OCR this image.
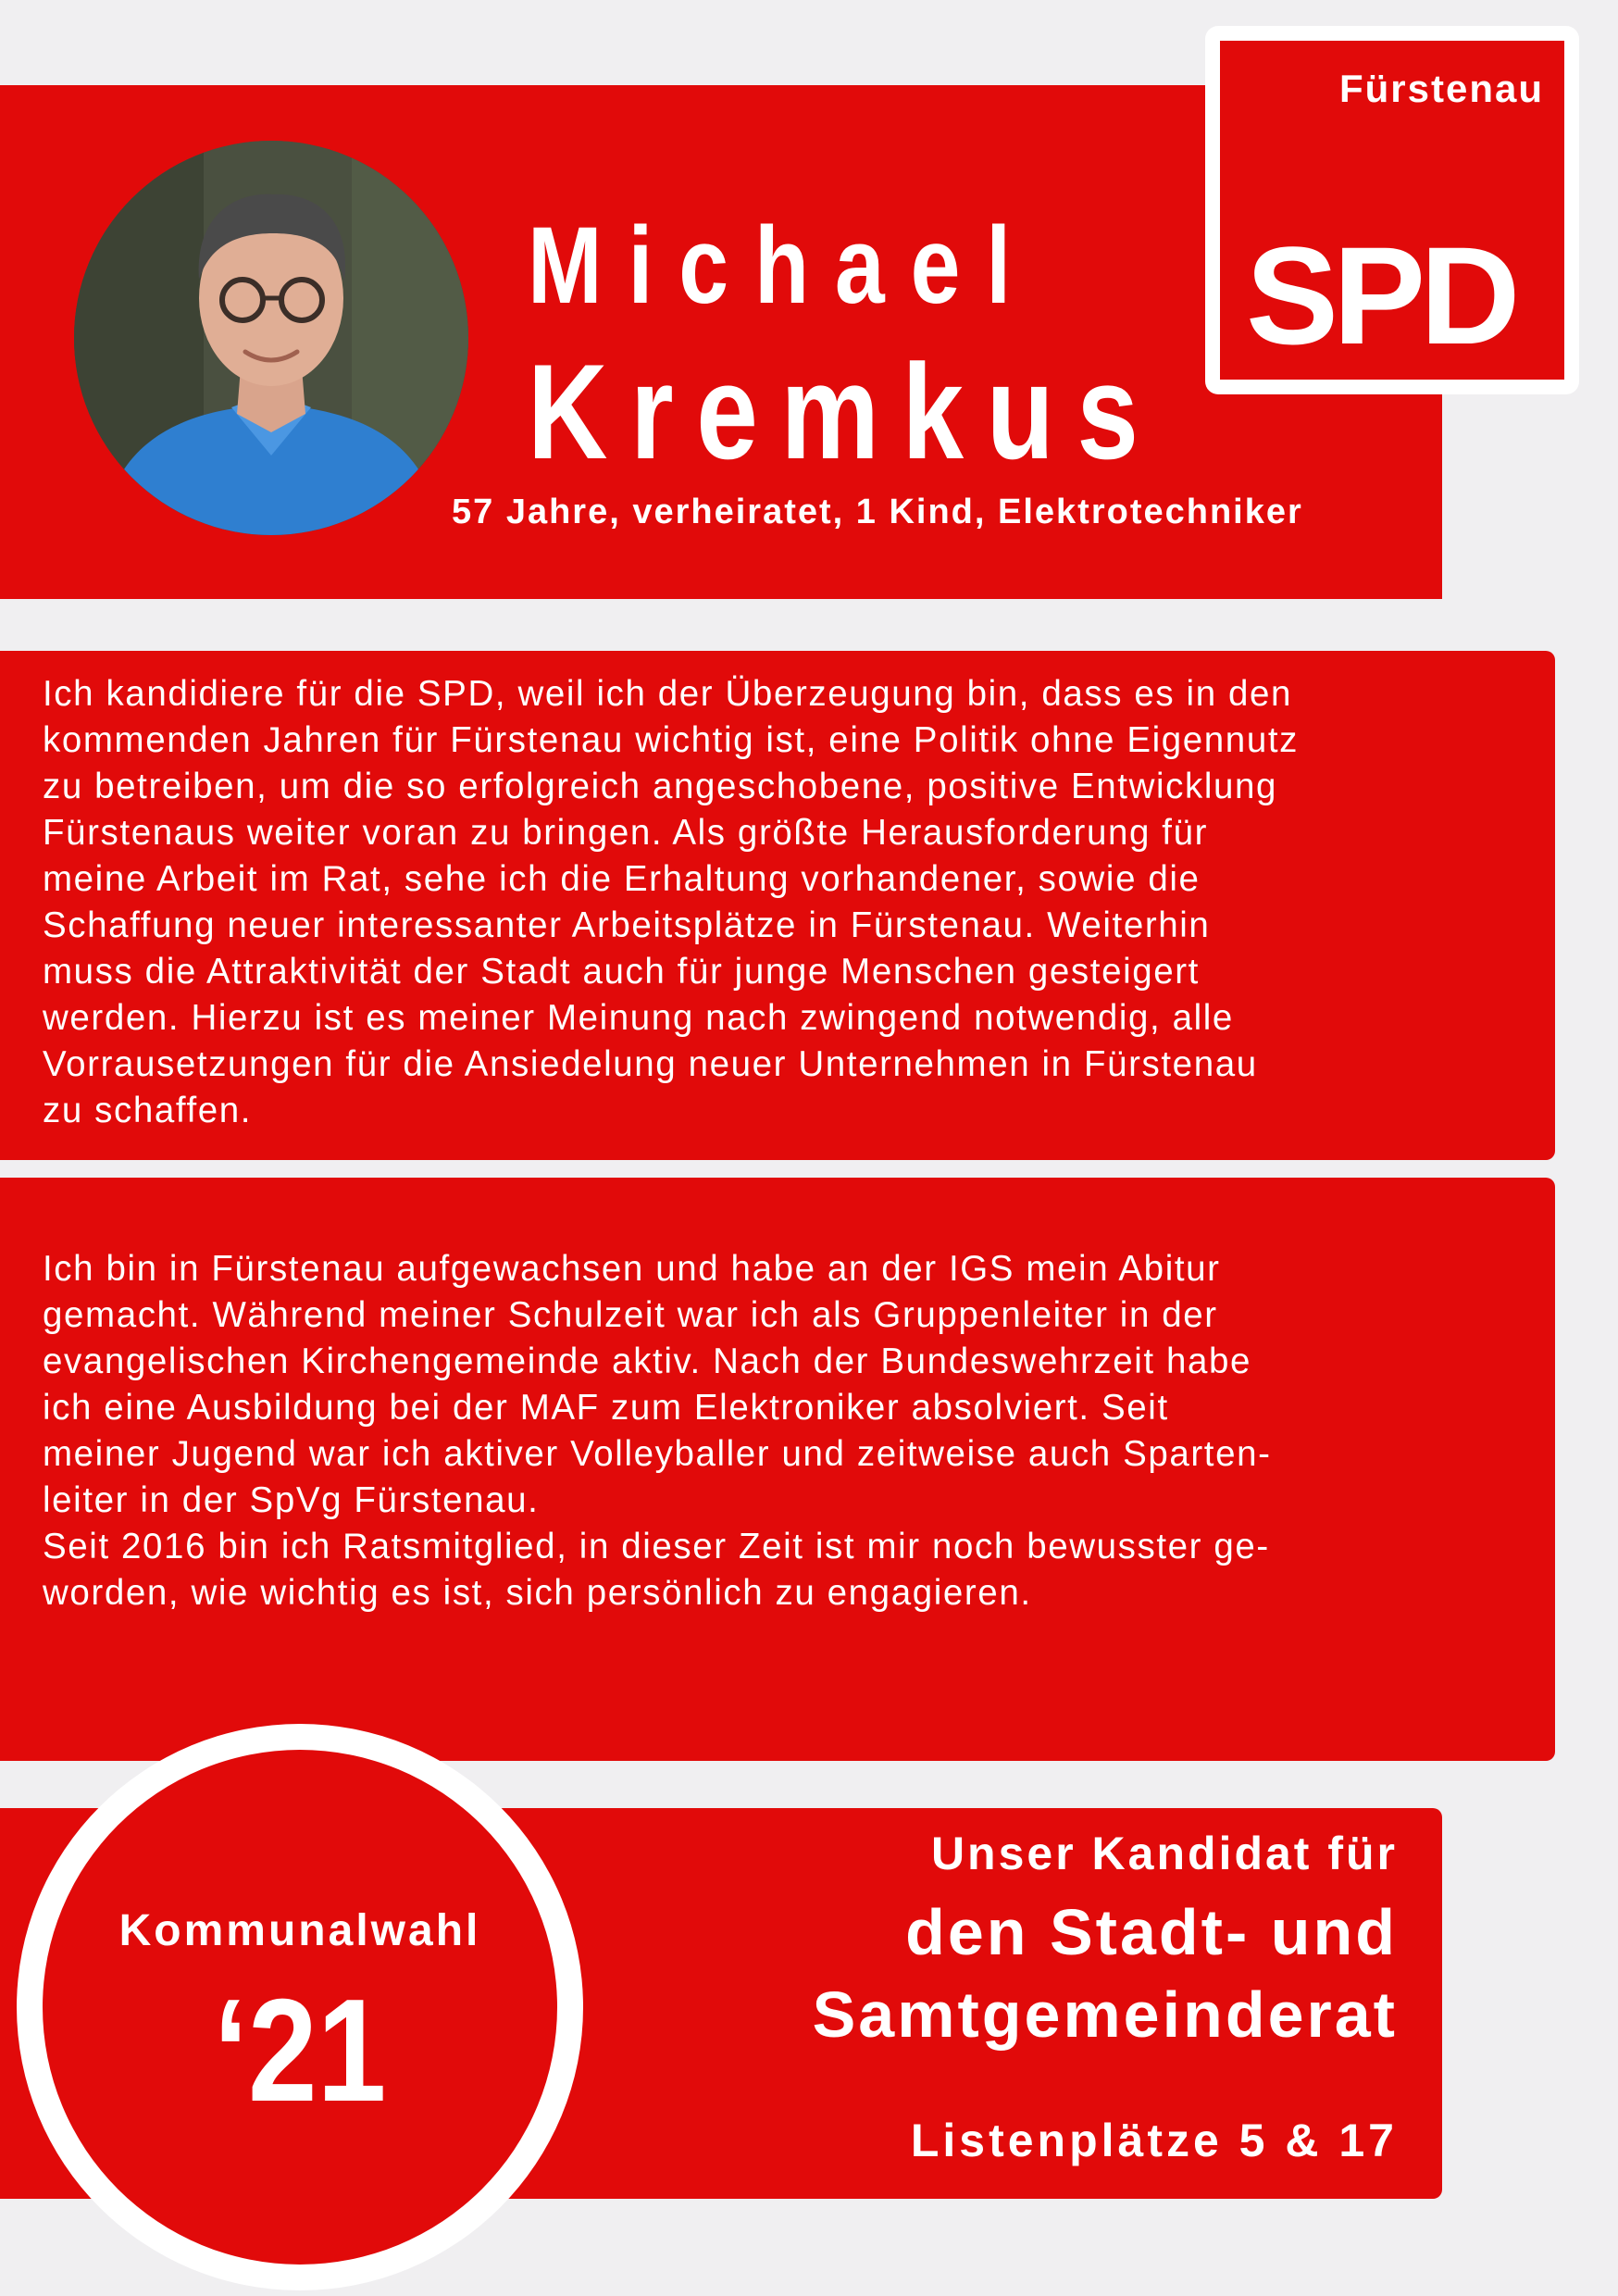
Michael
Kremkus
57 Jahre, verheiratet, 1 Kind, Elektrotechniker
Fürstenau
SPD
Ich kandidiere für die SPD, weil ich der Überzeugung bin, dass es in den
kommenden Jahren für Fürstenau wichtig ist, eine Politik ohne Eigennutz
zu betreiben, um die so erfolgreich angeschobene, positive Entwicklung
Fürstenaus weiter voran zu bringen. Als größte Herausforderung für
meine Arbeit im Rat, sehe ich die Erhaltung vorhandener, sowie die
Schaffung neuer interessanter Arbeitsplätze in Fürstenau. Weiterhin
muss die Attraktivität der Stadt auch für junge Menschen gesteigert
werden. Hierzu ist es meiner Meinung nach zwingend notwendig, alle
Vorrausetzungen für die Ansiedelung neuer Unternehmen in Fürstenau
zu schaffen.
Ich bin in Fürstenau aufgewachsen und habe an der IGS mein Abitur
gemacht. Während meiner Schulzeit war ich als Gruppenleiter in der
evangelischen Kirchengemeinde aktiv. Nach der Bundeswehrzeit habe
ich eine Ausbildung bei der MAF zum Elektroniker absolviert. Seit
meiner Jugend war ich aktiver Volleyballer und zeitweise auch Sparten-
leiter in der SpVg Fürstenau.
Seit 2016 bin ich Ratsmitglied, in dieser Zeit ist mir noch bewusster ge-
worden, wie wichtig es ist, sich persönlich zu engagieren.
Kommunalwahl
‘21
Unser Kandidat für
den Stadt- und
Samtgemeinderat
Listenplätze 5 & 17
